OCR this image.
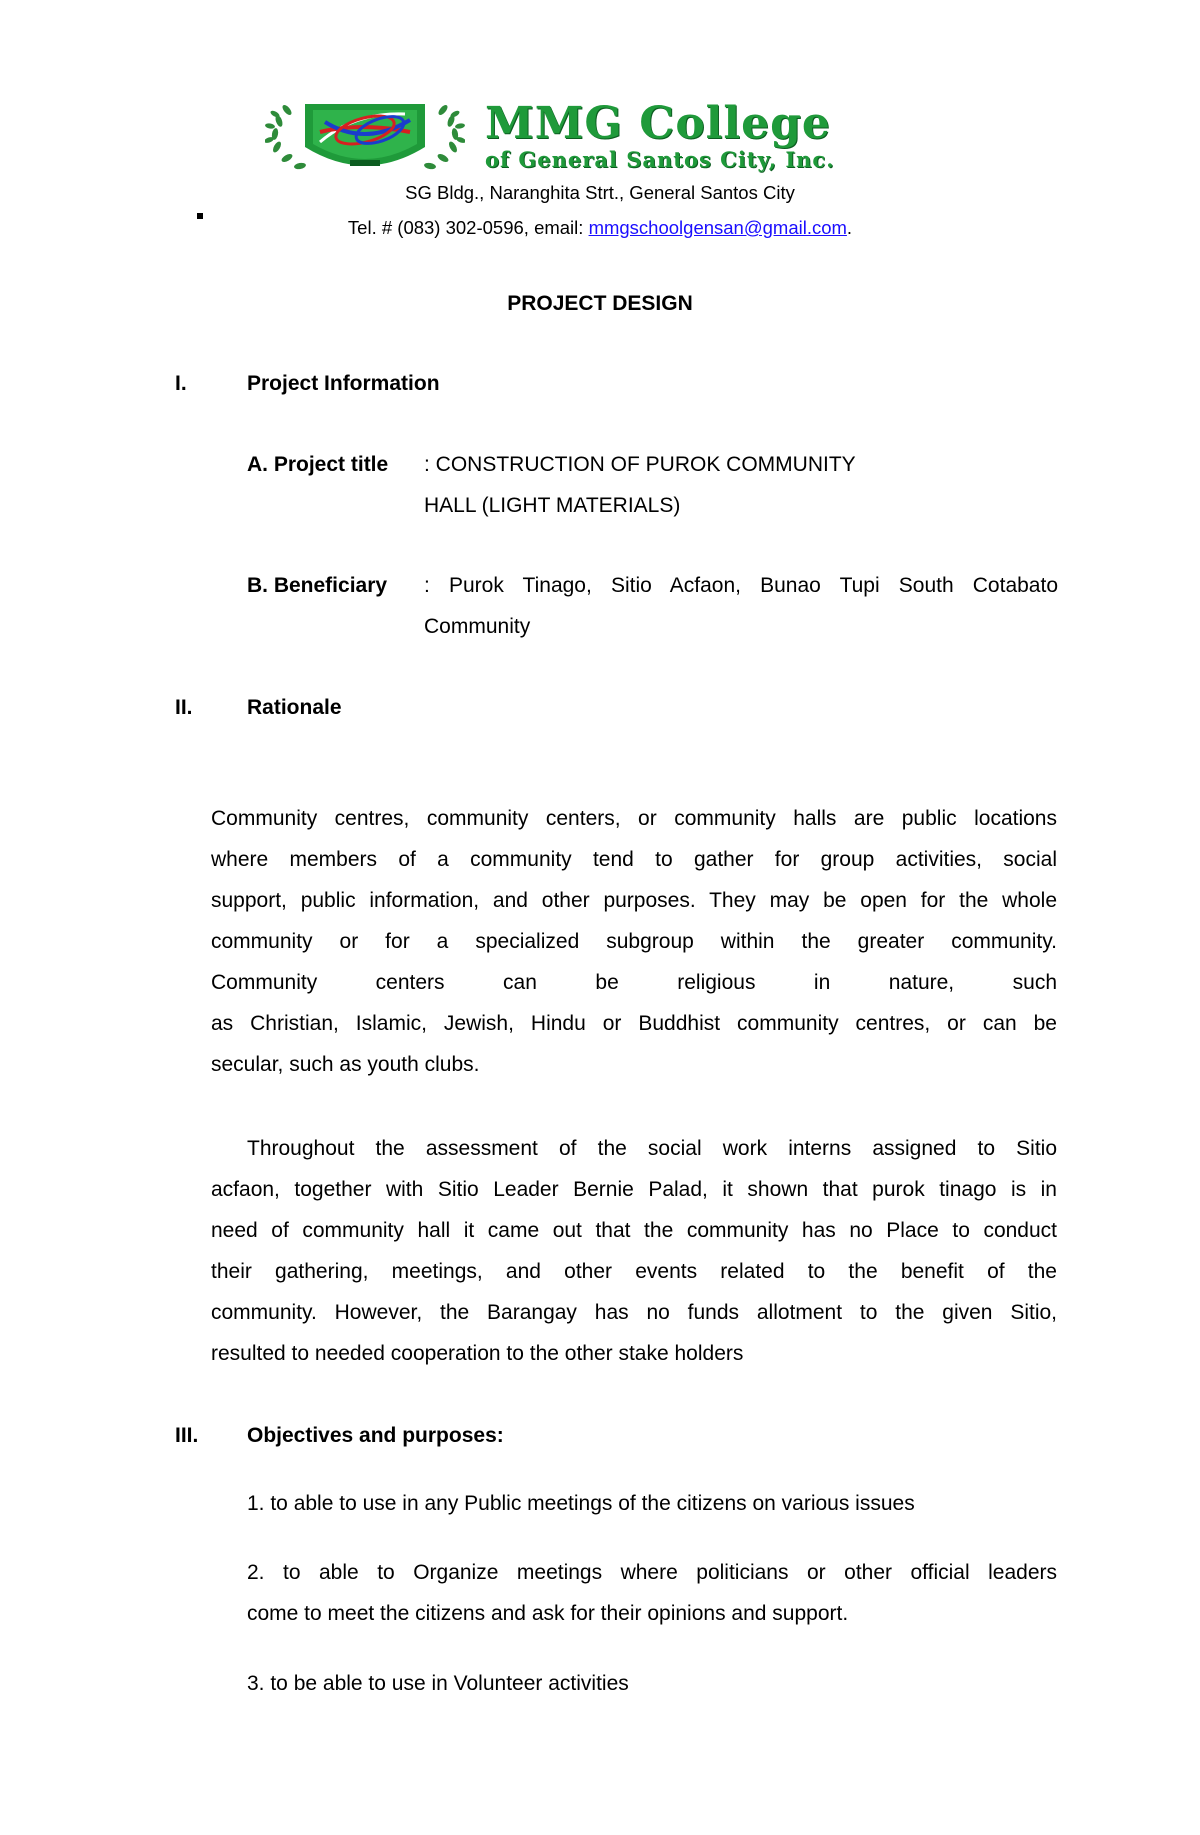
MMG College
of General Santos City, Inc.
SG Bldg., Naranghita Strt., General Santos City
Tel. # (083) 302-0596, email: mmgschoolgensan@gmail.com.
PROJECT DESIGN
I.	Project Information
A. Project title : CONSTRUCTION OF PUROK COMMUNITY
HALL (LIGHT MATERIALS)
B. Beneficiary : Purok Tinago, Sitio Acfaon, Bunao Tupi South Cotabato
Community
II.	Rationale
Community centres, community centers, or community halls are public locations
where members of a community tend to gather for group activities, social
support, public information, and other purposes. They may be open for the whole
community or for a specialized subgroup within the greater community.
Community centers can be religious in nature, such
as Christian, Islamic, Jewish, Hindu or Buddhist community centres, or can be
secular, such as youth clubs.
Throughout the assessment of the social work interns assigned to Sitio
acfaon, together with Sitio Leader Bernie Palad, it shown that purok tinago is in
need of community hall it came out that the community has no Place to conduct
their gathering, meetings, and other events related to the benefit of the
community. However, the Barangay has no funds allotment to the given Sitio,
resulted to needed cooperation to the other stake holders
III. Objectives and purposes:
1. to able to use in any Public meetings of the citizens on various issues
2. to able to Organize meetings where politicians or other official leaders
come to meet the citizens and ask for their opinions and support.
3. to be able to use in Volunteer activities
